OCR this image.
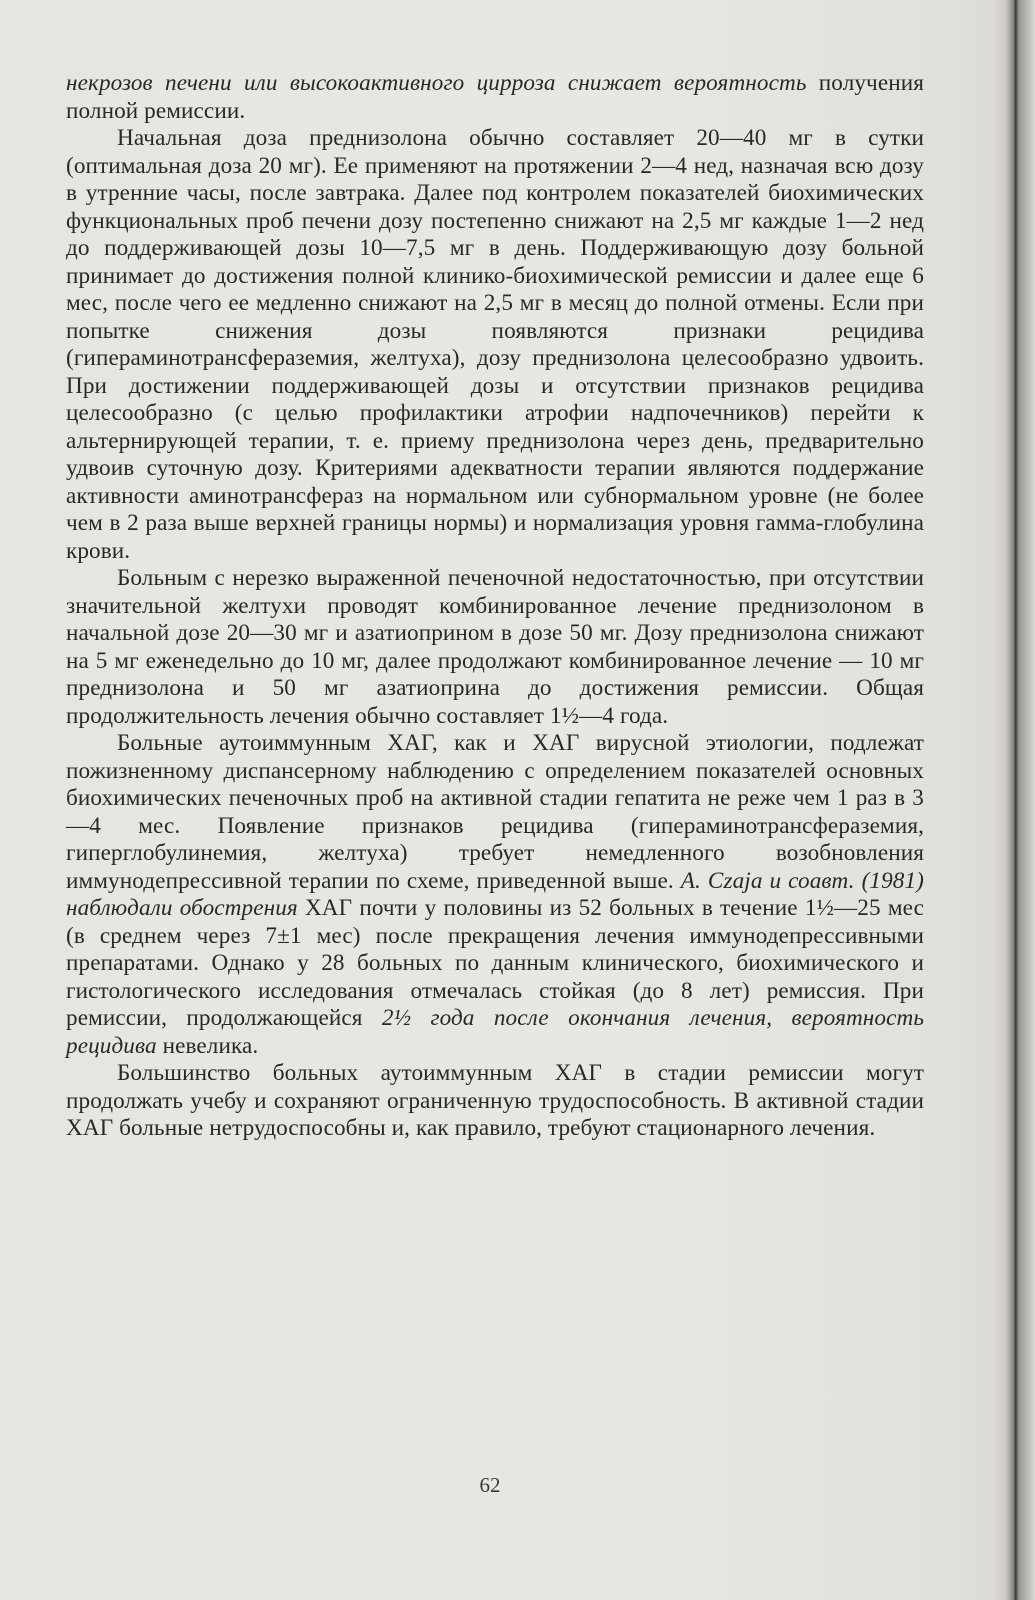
некрозов печени или высокоактивного цирроза снижает вероятность получения полной ремиссии.

Начальная доза преднизолона обычно составляет 20—40 мг в сутки (оптимальная доза 20 мг). Ее применяют на протяжении 2—4 нед, назначая всю дозу в утренние часы, после завтрака. Далее под контролем показателей биохимических функциональных проб печени дозу постепенно снижают на 2,5 мг каждые 1—2 нед до поддерживающей дозы 10—7,5 мг в день. Поддерживающую дозу больной принимает до достижения полной клинико-биохимической ремиссии и далее еще 6 мес, после чего ее медленно снижают на 2,5 мг в месяц до полной отмены. Если при попытке снижения дозы появляются признаки рецидива (гипераминотрансфераземия, желтуха), дозу преднизолона целесообразно удвоить. При достижении поддерживающей дозы и отсутствии признаков рецидива целесообразно (с целью профилактики атрофии надпочечников) перейти к альтернирующей терапии, т. е. приему преднизолона через день, предварительно удвоив суточную дозу. Критериями адекватности терапии являются поддержание активности аминотрансфераз на нормальном или субнормальном уровне (не более чем в 2 раза выше верхней границы нормы) и нормализация уровня гамма-глобулина крови.

Больным с нерезко выраженной печеночной недостаточностью, при отсутствии значительной желтухи проводят комбинированное лечение преднизолоном в начальной дозе 20—30 мг и азатиоприном в дозе 50 мг. Дозу преднизолона снижают на 5 мг еженедельно до 10 мг, далее продолжают комбинированное лечение — 10 мг преднизолона и 50 мг азатиоприна до достижения ремиссии. Общая продолжительность лечения обычно составляет 1½—4 года.

Больные аутоиммунным ХАГ, как и ХАГ вирусной этиологии, подлежат пожизненному диспансерному наблюдению с определением показателей основных биохимических печеночных проб на активной стадии гепатита не реже чем 1 раз в 3—4 мес. Появление признаков рецидива (гипераминотрансфераземия, гиперглобулинемия, желтуха) требует немедленного возобновления иммунодепрессивной терапии по схеме, приведенной выше. A. Czaja и соавт. (1981) наблюдали обострения ХАГ почти у половины из 52 больных в течение 1½—25 мес (в среднем через 7±1 мес) после прекращения лечения иммунодепрессивными препаратами. Однако у 28 больных по данным клинического, биохимического и гистологического исследования отмечалась стойкая (до 8 лет) ремиссия. При ремиссии, продолжающейся 2½ года после окончания лечения, вероятность рецидива невелика.

Большинство больных аутоиммунным ХАГ в стадии ремиссии могут продолжать учебу и сохраняют ограниченную трудоспособность. В активной стадии ХАГ больные нетрудоспособны и, как правило, требуют стационарного лечения.

62
